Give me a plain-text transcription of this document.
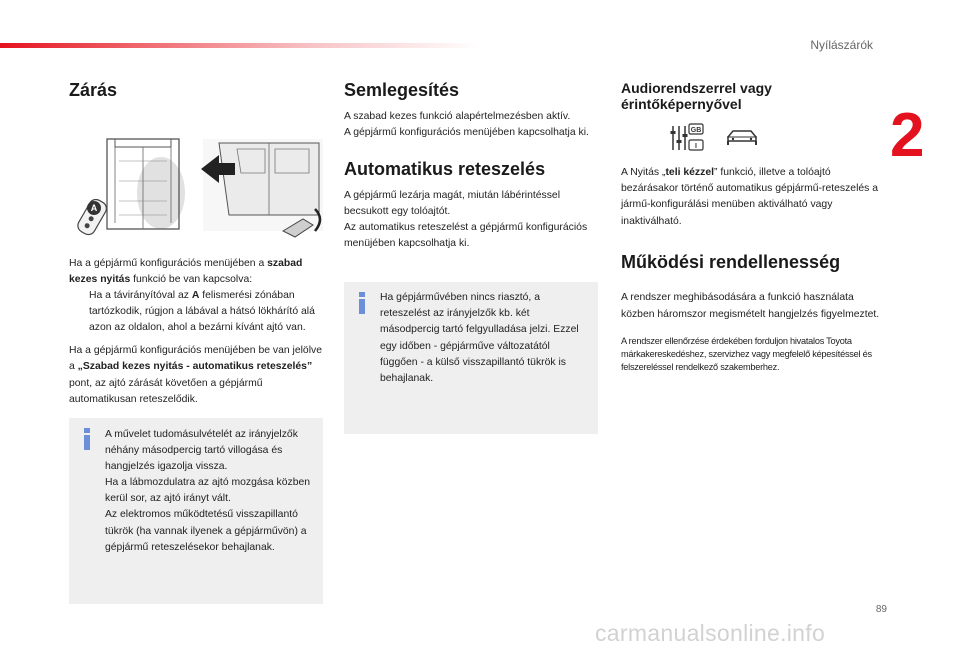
Nyílászárók
2
Zárás
A

Ha a gépjármű konfigurációs menüjében a szabad kezes nyitás funkció be van kapcsolva:

Ha a távirányítóval az A felismerési zónában tartózkodik, rúgjon a lábával a hátsó lökhárító alá azon az oldalon, ahol a bezárni kívánt ajtó van.

Ha a gépjármű konfigurációs menüjében be van jelölve a „Szabad kezes nyitás - automatikus reteszelés” pont, az ajtó zárását követően a gépjármű automatikusan reteszelődik.

A művelet tudomásulvételét az irányjelzők néhány másodpercig tartó villogása és hangjelzés igazolja vissza.
Ha a lábmozdulatra az ajtó mozgása közben kerül sor, az ajtó irányt vált.
Az elektromos működtetésű visszapillantó tükrök (ha vannak ilyenek a gépjárművön) a gépjármű reteszelésekor behajlanak.

Semlegesítés

A szabad kezes funkció alapértelmezésben aktív.
A gépjármű konfigurációs menüjében kapcsolhatja ki.

Automatikus reteszelés

A gépjármű lezárja magát, miután lábérintéssel becsukott egy tolóajtót.
Az automatikus reteszelést a gépjármű konfigurációs menüjében kapcsolhatja ki.

Ha gépjárművében nincs riasztó, a reteszelést az irányjelzők kb. két másodpercig tartó felgyulladása jelzi. Ezzel egy időben - gépjárműve változatától függően - a külső visszapillantó tükrök is behajlanak.

Audiorendszerrel vagy érintőképernyővel
GB
I

A Nyitás „teli kézzel” funkció, illetve a tolóajtó bezárásakor történő automatikus gépjármű-reteszelés a jármű-konfigurálási menüben aktiválható vagy inaktiválható.

Működési rendellenesség

A rendszer meghibásodására a funkció használata közben háromszor megismételt hangjelzés figyelmeztet.

A rendszer ellenőrzése érdekében forduljon hivatalos Toyota márkakereskedéshez, szervizhez vagy megfelelő képesítéssel és felszereléssel rendelkező szakemberhez.

89
carmanualsonline.info
